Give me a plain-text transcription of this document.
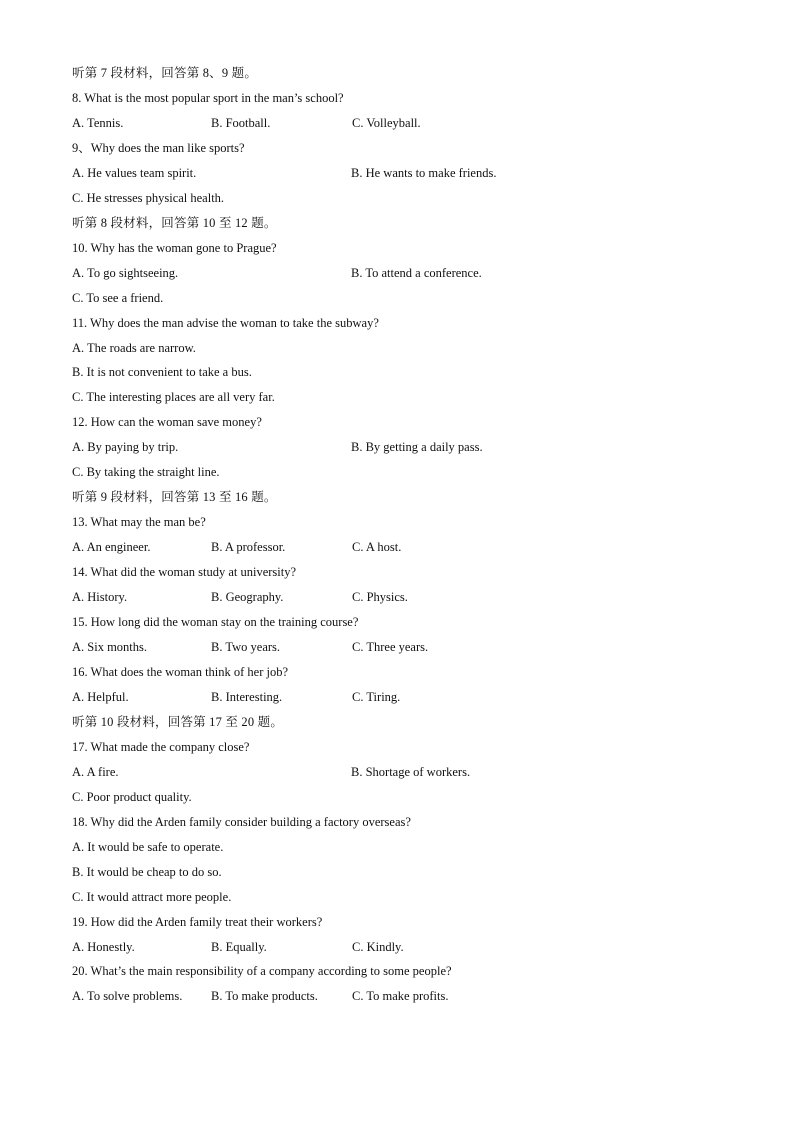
听第 7 段材料，回答第 8、9 题。
8. What is the most popular sport in the man’s school?
A. Tennis.	B. Football.	C. Volleyball.
9、Why does the man like sports?
A. He values team spirit.	B. He wants to make friends.
C. He stresses physical health.
听第 8 段材料，回答第 10 至 12 题。
10. Why has the woman gone to Prague?
A. To go sightseeing.	B. To attend a conference.
C. To see a friend.
11. Why does the man advise the woman to take the subway?
A. The roads are narrow.
B. It is not convenient to take a bus.
C. The interesting places are all very far.
12. How can the woman save money?
A. By paying by trip.	B. By getting a daily pass.
C. By taking the straight line.
听第 9 段材料，回答第 13 至 16 题。
13. What may the man be?
A. An engineer.	B. A professor.	C. A host.
14. What did the woman study at university?
A. History.	B. Geography.	C. Physics.
15. How long did the woman stay on the training course?
A. Six months.	B. Two years.	C. Three years.
16. What does the woman think of her job?
A. Helpful.	B. Interesting.	C. Tiring.
听第 10 段材料，回答第 17 至 20 题。
17. What made the company close?
A. A fire.	B. Shortage of workers.
C. Poor product quality.
18. Why did the Arden family consider building a factory overseas?
A. It would be safe to operate.
B. It would be cheap to do so.
C. It would attract more people.
19. How did the Arden family treat their workers?
A. Honestly.	B. Equally.	C. Kindly.
20. What’s the main responsibility of a company according to some people?
A. To solve problems. B. To make products.	C. To make profits.
